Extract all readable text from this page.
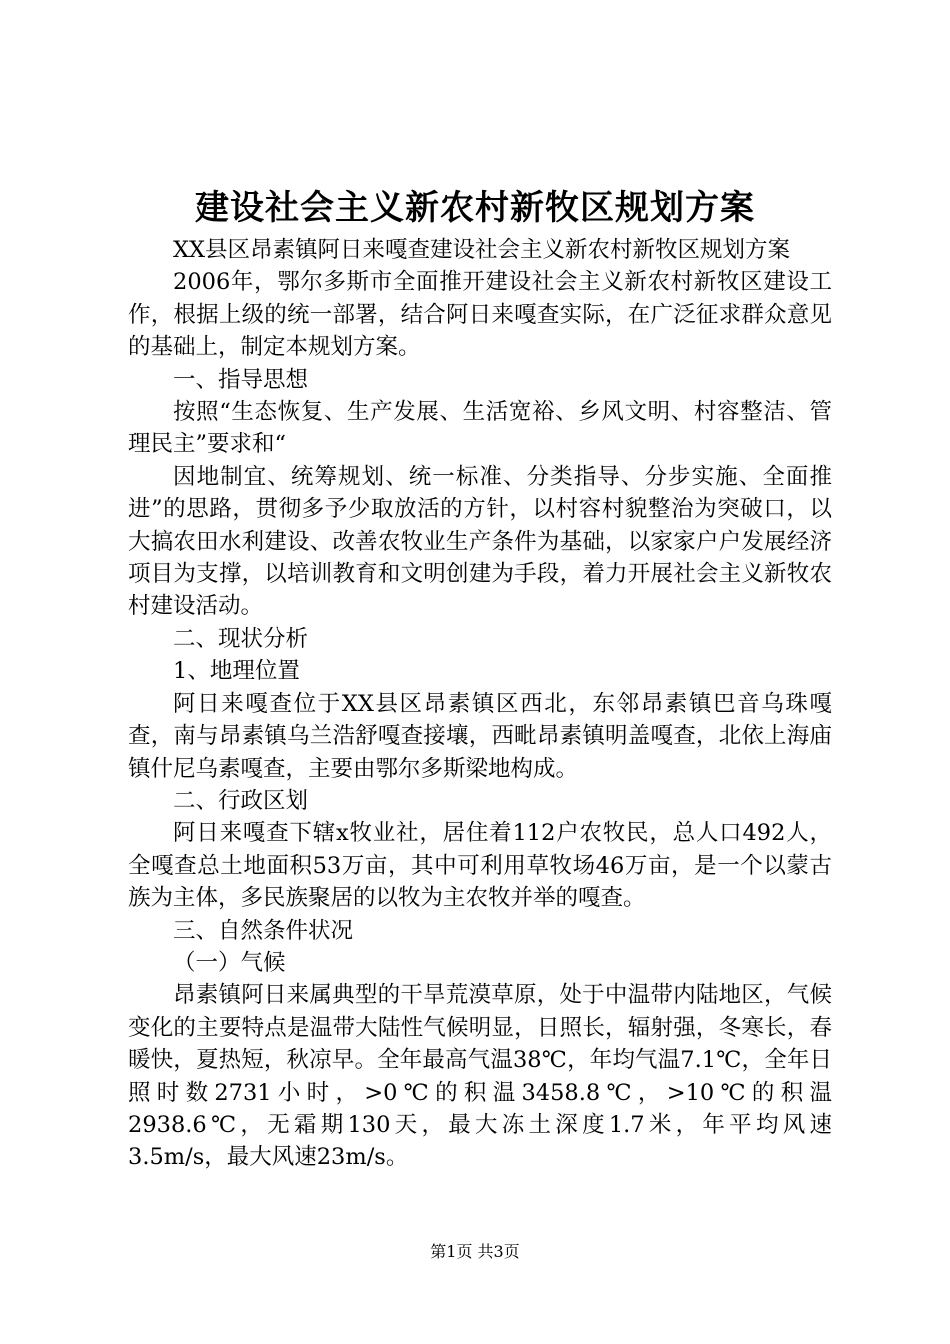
建设社会主义新农村新牧区规划方案

XX县区昂素镇阿日来嘎查建设社会主义新农村新牧区规划方案

2006年，鄂尔多斯市全面推开建设社会主义新农村新牧区建设工作，根据上级的统一部署，结合阿日来嘎查实际，在广泛征求群众意见的基础上，制定本规划方案。

一、指导思想

按照“生态恢复、生产发展、生活宽裕、乡风文明、村容整洁、管理民主”要求和“

因地制宜、统筹规划、统一标准、分类指导、分步实施、全面推进”的思路，贯彻多予少取放活的方针，以村容村貌整治为突破口，以大搞农田水利建设、改善农牧业生产条件为基础，以家家户户发展经济项目为支撑，以培训教育和文明创建为手段，着力开展社会主义新牧农村建设活动。

二、现状分析

1、地理位置

阿日来嘎查位于XX县区昂素镇区西北，东邻昂素镇巴音乌珠嘎查，南与昂素镇乌兰浩舒嘎查接壤，西毗昂素镇明盖嘎查，北依上海庙镇什尼乌素嘎查，主要由鄂尔多斯梁地构成。

二、行政区划

阿日来嘎查下辖x牧业社，居住着112户农牧民，总人口492人，全嘎查总土地面积53万亩，其中可利用草牧场46万亩，是一个以蒙古族为主体，多民族聚居的以牧为主农牧并举的嘎查。

三、自然条件状况

（一）气候

昂素镇阿日来属典型的干旱荒漠草原，处于中温带内陆地区，气候变化的主要特点是温带大陆性气候明显，日照长，辐射强，冬寒长，春暖快，夏热短，秋凉早。全年最高气温38℃，年均气温7.1℃，全年日照时数2731小时，>0℃的积温3458.8℃，>10℃的积温2938.6℃，无霜期130天，最大冻土深度1.7米，年平均风速3.5m/s，最大风速23m/s。

第1页 共3页
